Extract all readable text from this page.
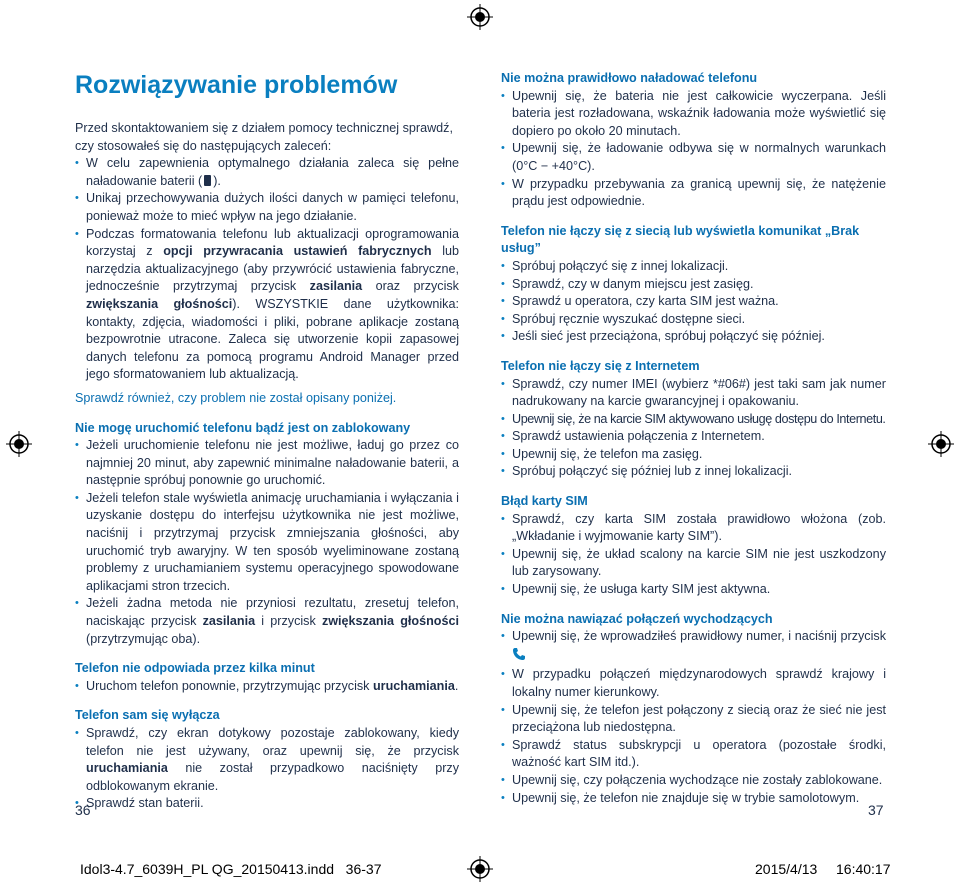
Rozwiązywanie problemów

Przed skontaktowaniem się z działem pomocy technicznej sprawdź, czy stosowałeś się do następujących zaleceń:

• W celu zapewnienia optymalnego działania zaleca się pełne naładowanie baterii ( ).
• Unikaj przechowywania dużych ilości danych w pamięci telefonu, ponieważ może to mieć wpływ na jego działanie.
• Podczas formatowania telefonu lub aktualizacji oprogramowania korzystaj z opcji przywracania ustawień fabrycznych lub narzędzia aktualizacyjnego (aby przywrócić ustawienia fabryczne, jednocześnie przytrzymaj przycisk zasilania oraz przycisk zwiększania głośności). WSZYSTKIE dane użytkownika: kontakty, zdjęcia, wiadomości i pliki, pobrane aplikacje zostaną bezpowrotnie utracone. Zaleca się utworzenie kopii zapasowej danych telefonu za pomocą programu Android Manager przed jego sformatowaniem lub aktualizacją.

Sprawdź również, czy problem nie został opisany poniżej.

Nie mogę uruchomić telefonu bądź jest on zablokowany

• Jeżeli uruchomienie telefonu nie jest możliwe, ładuj go przez co najmniej 20 minut, aby zapewnić minimalne naładowanie baterii, a następnie spróbuj ponownie go uruchomić.
• Jeżeli telefon stale wyświetla animację uruchamiania i wyłączania i uzyskanie dostępu do interfejsu użytkownika nie jest możliwe, naciśnij i przytrzymaj przycisk zmniejszania głośności, aby uruchomić tryb awaryjny. W ten sposób wyeliminowane zostaną problemy z uruchamianiem systemu operacyjnego spowodowane aplikacjami stron trzecich.
• Jeżeli żadna metoda nie przyniosi rezultatu, zresetuj telefon, naciskając przycisk zasilania i przycisk zwiększania głośności (przytrzymując oba).

Telefon nie odpowiada przez kilka minut

• Uruchom telefon ponownie, przytrzymując przycisk uruchamiania.

Telefon sam się wyłącza

• Sprawdź, czy ekran dotykowy pozostaje zablokowany, kiedy telefon nie jest używany, oraz upewnij się, że przycisk uruchamiania nie został przypadkowo naciśnięty przy odblokowanym ekranie.
• Sprawdź stan baterii.

Nie można prawidłowo naładować telefonu

• Upewnij się, że bateria nie jest całkowicie wyczerpana. Jeśli bateria jest rozładowana, wskaźnik ładowania może wyświetlić się dopiero po około 20 minutach.
• Upewnij się, że ładowanie odbywa się w normalnych warunkach (0°C − +40°C).
• W przypadku przebywania za granicą upewnij się, że natężenie prądu jest odpowiednie.

Telefon nie łączy się z siecią lub wyświetla komunikat „Brak usług”

• Spróbuj połączyć się z innej lokalizacji.
• Sprawdź, czy w danym miejscu jest zasięg.
• Sprawdź u operatora, czy karta SIM jest ważna.
• Spróbuj ręcznie wyszukać dostępne sieci.
• Jeśli sieć jest przeciążona, spróbuj połączyć się później.

Telefon nie łączy się z Internetem

• Sprawdź, czy numer IMEI (wybierz *#06#) jest taki sam jak numer nadrukowany na karcie gwarancyjnej i opakowaniu.
• Upewnij się, że na karcie SIM aktywowano usługę dostępu do Internetu.
• Sprawdź ustawienia połączenia z Internetem.
• Upewnij się, że telefon ma zasięg.
• Spróbuj połączyć się później lub z innej lokalizacji.

Błąd karty SIM

• Sprawdź, czy karta SIM została prawidłowo włożona (zob. „Wkładanie i wyjmowanie karty SIM”).
• Upewnij się, że układ scalony na karcie SIM nie jest uszkodzony lub zarysowany.
• Upewnij się, że usługa karty SIM jest aktywna.

Nie można nawiązać połączeń wychodzących

• Upewnij się, że wprowadziłeś prawidłowy numer, i naciśnij przycisk
• W przypadku połączeń międzynarodowych sprawdź krajowy i lokalny numer kierunkowy.
• Upewnij się, że telefon jest połączony z siecią oraz że sieć nie jest przeciążona lub niedostępna.
• Sprawdź status subskrypcji u operatora (pozostałe środki, ważność kart SIM itd.).
• Upewnij się, czy połączenia wychodzące nie zostały zablokowane.
• Upewnij się, że telefon nie znajduje się w trybie samolotowym.
36	37
Idol3-4.7_6039H_PL QG_20150413.indd   36-37	2015/4/13 16:40:17
